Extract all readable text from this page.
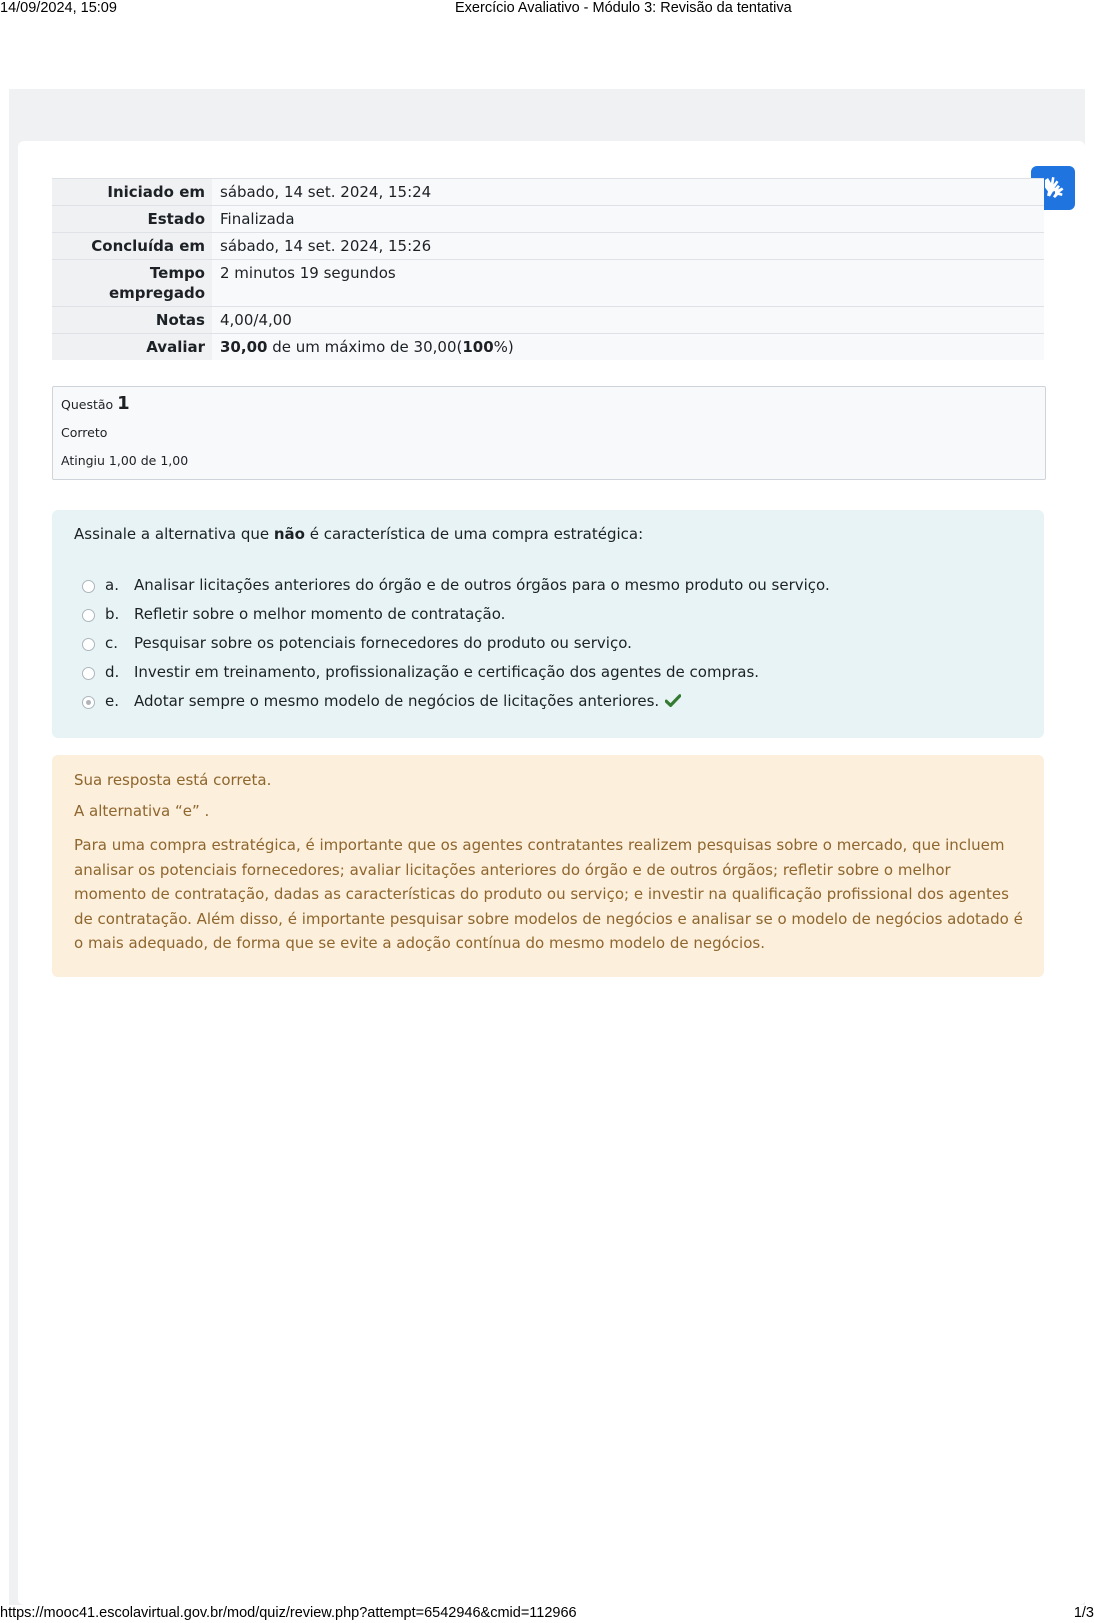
14/09/2024, 15:09	Exercício Avaliativo - Módulo 3: Revisão da tentativa
Iniciado em	sábado, 14 set. 2024, 15:24
Estado	Finalizada
Concluída em	sábado, 14 set. 2024, 15:26
Tempo
empregado	2 minutos 19 segundos
Notas	4,00/4,00
Avaliar	30,00 de um máximo de 30,00(100%)
Questão 1
Correto
Atingiu 1,00 de 1,00
Assinale a alternativa que não é característica de uma compra estratégica:
a. Analisar licitações anteriores do órgão e de outros órgãos para o mesmo produto ou serviço.
b. Refletir sobre o melhor momento de contratação.
c. Pesquisar sobre os potenciais fornecedores do produto ou serviço.
d. Investir em treinamento, profissionalização e certificação dos agentes de compras.
e. Adotar sempre o mesmo modelo de negócios de licitações anteriores.
Sua resposta está correta.
A alternativa “e” .
Para uma compra estratégica, é importante que os agentes contratantes realizem pesquisas sobre o mercado, que incluem analisar os potenciais fornecedores; avaliar licitações anteriores do órgão e de outros órgãos; refletir sobre o melhor momento de contratação, dadas as características do produto ou serviço; e investir na qualificação profissional dos agentes de contratação. Além disso, é importante pesquisar sobre modelos de negócios e analisar se o modelo de negócios adotado é o mais adequado, de forma que se evite a adoção contínua do mesmo modelo de negócios.
https://mooc41.escolavirtual.gov.br/mod/quiz/review.php?attempt=6542946&cmid=112966	1/3
